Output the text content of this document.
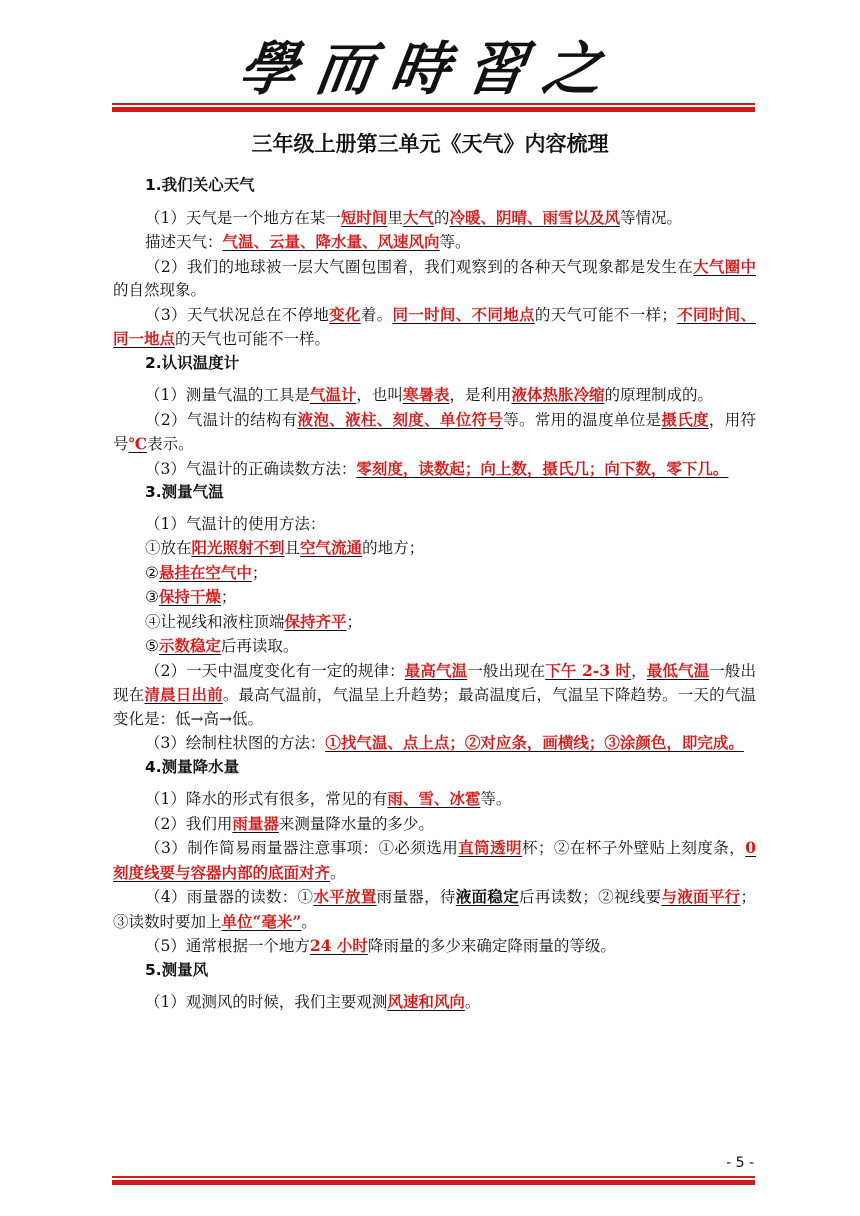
學而時習之
三年级上册第三单元《天气》内容梳理
1.我们关心天气
（1）天气是一个地方在某一短时间里大气的冷暖、阴晴、雨雪以及风等情况。
描述天气：气温、云量、降水量、风速风向等。
（2）我们的地球被一层大气圈包围着，我们观察到的各种天气现象都是发生在大气圈中的自然现象。
（3）天气状况总在不停地变化着。同一时间、不同地点的天气可能不一样；不同时间、同一地点的天气也可能不一样。
2.认识温度计
（1）测量气温的工具是气温计，也叫寒暑表，是利用液体热胀冷缩的原理制成的。
（2）气温计的结构有液泡、液柱、刻度、单位符号等。常用的温度单位是摄氏度，用符号℃表示。
（3）气温计的正确读数方法：零刻度，读数起；向上数，摄氏几；向下数，零下几。
3.测量气温
（1）气温计的使用方法：
①放在阳光照射不到且空气流通的地方；
②悬挂在空气中；
③保持干燥；
④让视线和液柱顶端保持齐平；
⑤示数稳定后再读取。
（2）一天中温度变化有一定的规律：最高气温一般出现在下午 2-3 时，最低气温一般出现在清晨日出前。最高气温前，气温呈上升趋势；最高温度后，气温呈下降趋势。一天的气温变化是：低→高→低。
（3）绘制柱状图的方法：①找气温、点上点；②对应条，画横线；③涂颜色，即完成。
4.测量降水量
（1）降水的形式有很多，常见的有雨、雪、冰雹等。
（2）我们用雨量器来测量降水量的多少。
（3）制作简易雨量器注意事项：①必须选用直筒透明杯；②在杯子外壁贴上刻度条，0 刻度线要与容器内部的底面对齐。
（4）雨量器的读数：①水平放置雨量器，待液面稳定后再读数；②视线要与液面平行；③读数时要加上单位“毫米”。
（5）通常根据一个地方24 小时降雨量的多少来确定降雨量的等级。
5.测量风
（1）观测风的时候，我们主要观测风速和风向。
- 5 -
